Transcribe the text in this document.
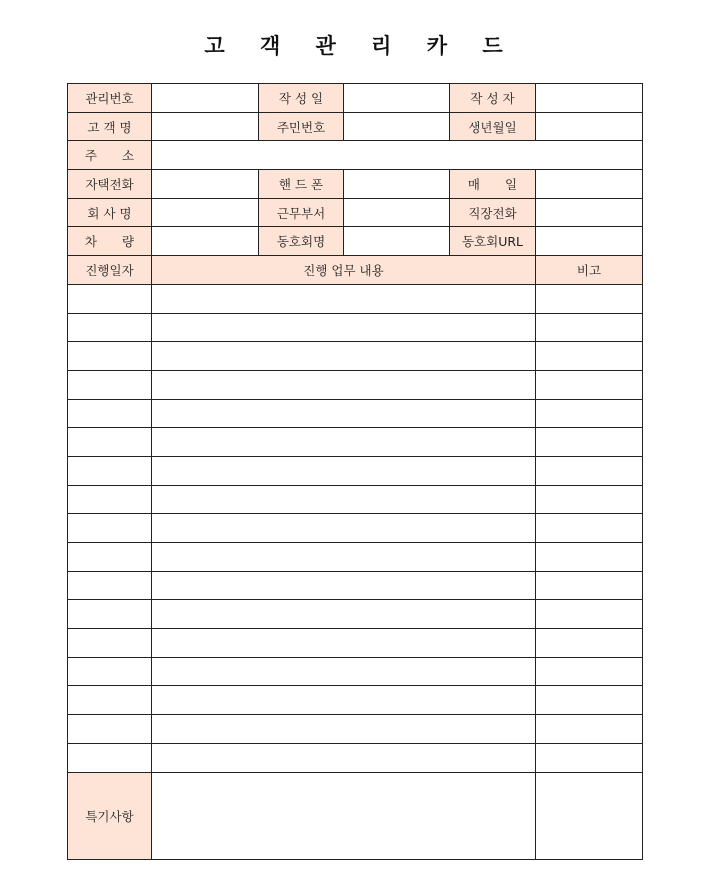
고 객 관 리 카 드
관리번호		작 성 일		작 성 자	
고 객 명		주민번호		생년월일	
주　　소					
자택전화		핸 드 폰		매　　일	
회 사 명		근무부서		직장전화	
차　　량		동호회명		동호회URL	
진행일자	진행 업무 내용				비고

특기사항					
